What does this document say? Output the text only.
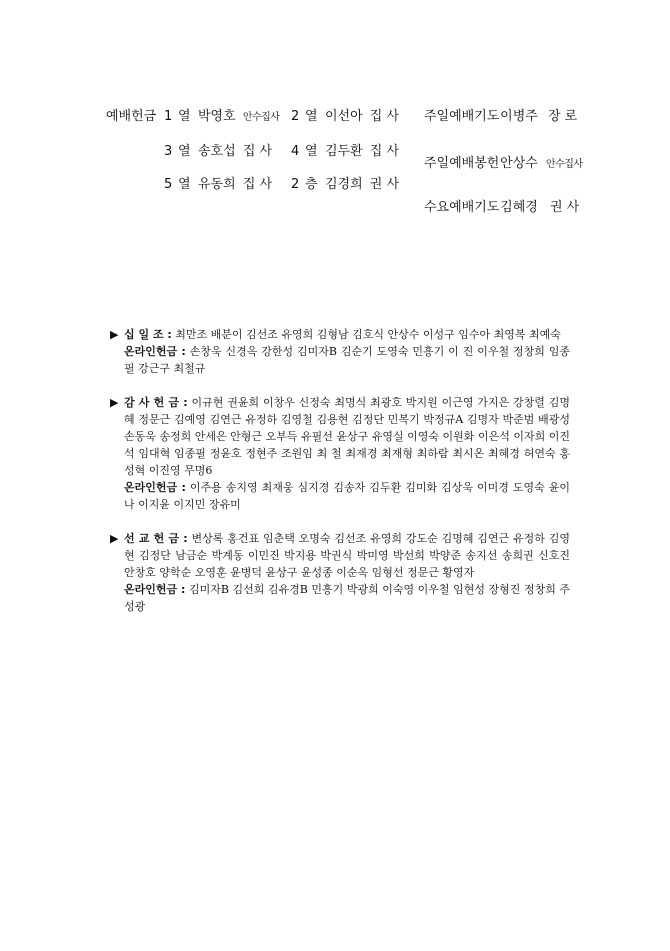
예배헌금 1 열 박영호 안수집사 2 열 이선아 집 사
3 열 송호섭 집 사 4 열 김두환 집 사
5 열 유동희 집 사 2 층 김경희 권 사
주일예배기도 이병주 장 로
주일예배봉헌 안상수 안수집사
수요예배기도 김혜경 권 사
▶ 십 일 조 : 최만조 배분이 김선조 유영희 김형남 김호식 안상수 이성구 임수아 최영복 최예숙
온라인헌금 : 손창욱 신경옥 강한성 김미자B 김순기 도영숙 민흥기 이 진 이우철 정창희 임종필 강근구 최철규
▶ 감 사 헌 금 : 이규현 권윤희 이창우 신정숙 최명식 최광호 박지원 이근영 가지은 강창렬 김명혜 정문근 김예영 김연근 유정하 김영철 김용현 김정단 민복기 박정규A 김명자 박준범 배광성 손동욱 송정희 안세은 안형근 오부득 유필선 윤상구 유영실 이영숙 이원화 이은석 이자희 이진석 임대혁 임종필 정윤호 정현주 조원임 최 철 최재경 최재형 최하람 최시온 최혜경 허연숙 홍성혁 이진영 무명6
온라인헌금 : 이주용 송지영 최재웅 심지경 김송자 김두환 김미화 김상욱 이미경 도영숙 윤이나 이지윤 이지민 장유미
▶ 선 교 헌 금 : 변상록 홍건표 임춘택 오명숙 김선조 유영희 강도순 김명혜 김연근 유정하 김영현 김정단 남금순 박계동 이민진 박지용 박권식 박미영 박선희 박양준 송지선 송희권 신호진 안창호 양학순 오영훈 윤병덕 윤상구 윤성종 이순옥 임형선 정문근 황영자
온라인헌금 : 김미자B 김선희 김유경B 민흥기 박광희 이숙영 이우철 임현성 장형진 정창희 주성광
